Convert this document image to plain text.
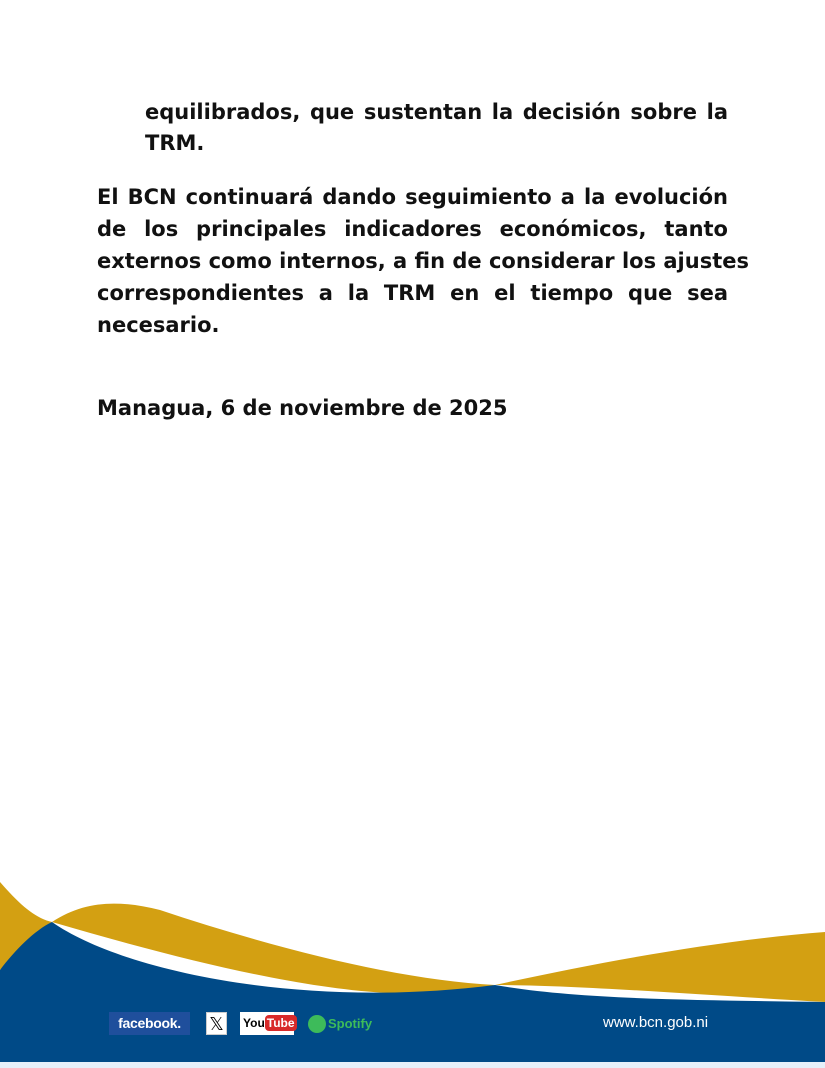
equilibrados, que sustentan la decisión sobre la
TRM.
El BCN continuará dando seguimiento a la evolución
de los principales indicadores económicos, tanto
externos como internos, a fin de considerar los ajustes
correspondientes a la TRM en el tiempo que sea
necesario.
Managua, 6 de noviembre de 2025
facebook.	𝕏 You Tube	Spotify	www.bcn.gob.ni
